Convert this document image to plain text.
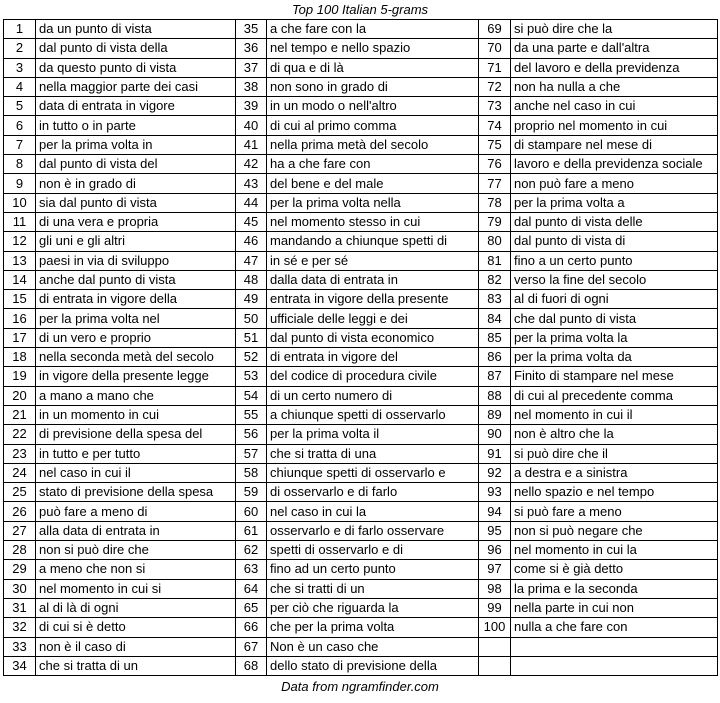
Top 100 Italian 5-grams
1	da un punto di vista	35	a che fare con la	69	si può dire che la
2	dal punto di vista della	36	nel tempo e nello spazio	70	da una parte e dall'altra
3	da questo punto di vista	37	di qua e di là	71	del lavoro e della previdenza
4	nella maggior parte dei casi	38	non sono in grado di	72	non ha nulla a che
5	data di entrata in vigore	39	in un modo o nell'altro	73	anche nel caso in cui
6	in tutto o in parte	40	di cui al primo comma	74	proprio nel momento in cui
7	per la prima volta in	41	nella prima metà del secolo	75	di stampare nel mese di
8	dal punto di vista del	42	ha a che fare con	76	lavoro e della previdenza sociale
9	non è in grado di	43	del bene e del male	77	non può fare a meno
10	sia dal punto di vista	44	per la prima volta nella	78	per la prima volta a
11	di una vera e propria	45	nel momento stesso in cui	79	dal punto di vista delle
12	gli uni e gli altri	46	mandando a chiunque spetti di	80	dal punto di vista di
13	paesi in via di sviluppo	47	in sé e per sé	81	fino a un certo punto
14	anche dal punto di vista	48	dalla data di entrata in	82	verso la fine del secolo
15	di entrata in vigore della	49	entrata in vigore della presente	83	al di fuori di ogni
16	per la prima volta nel	50	ufficiale delle leggi e dei	84	che dal punto di vista
17	di un vero e proprio	51	dal punto di vista economico	85	per la prima volta la
18	nella seconda metà del secolo	52	di entrata in vigore del	86	per la prima volta da
19	in vigore della presente legge	53	del codice di procedura civile	87	Finito di stampare nel mese
20	a mano a mano che	54	di un certo numero di	88	di cui al precedente comma
21	in un momento in cui	55	a chiunque spetti di osservarlo	89	nel momento in cui il
22	di previsione della spesa del	56	per la prima volta il	90	non è altro che la
23	in tutto e per tutto	57	che si tratta di una	91	si può dire che il
24	nel caso in cui il	58	chiunque spetti di osservarlo e	92	a destra e a sinistra
25	stato di previsione della spesa	59	di osservarlo e di farlo	93	nello spazio e nel tempo
26	può fare a meno di	60	nel caso in cui la	94	si può fare a meno
27	alla data di entrata in	61	osservarlo e di farlo osservare	95	non si può negare che
28	non si può dire che	62	spetti di osservarlo e di	96	nel momento in cui la
29	a meno che non si	63	fino ad un certo punto	97	come si è già detto
30	nel momento in cui si	64	che si tratti di un	98	la prima e la seconda
31	al di là di ogni	65	per ciò che riguarda la	99	nella parte in cui non
32	di cui si è detto	66	che per la prima volta	100	nulla a che fare con
33	non è il caso di	67	Non è un caso che		
34	che si tratta di un	68	dello stato di previsione della		
Data from ngramfinder.com
